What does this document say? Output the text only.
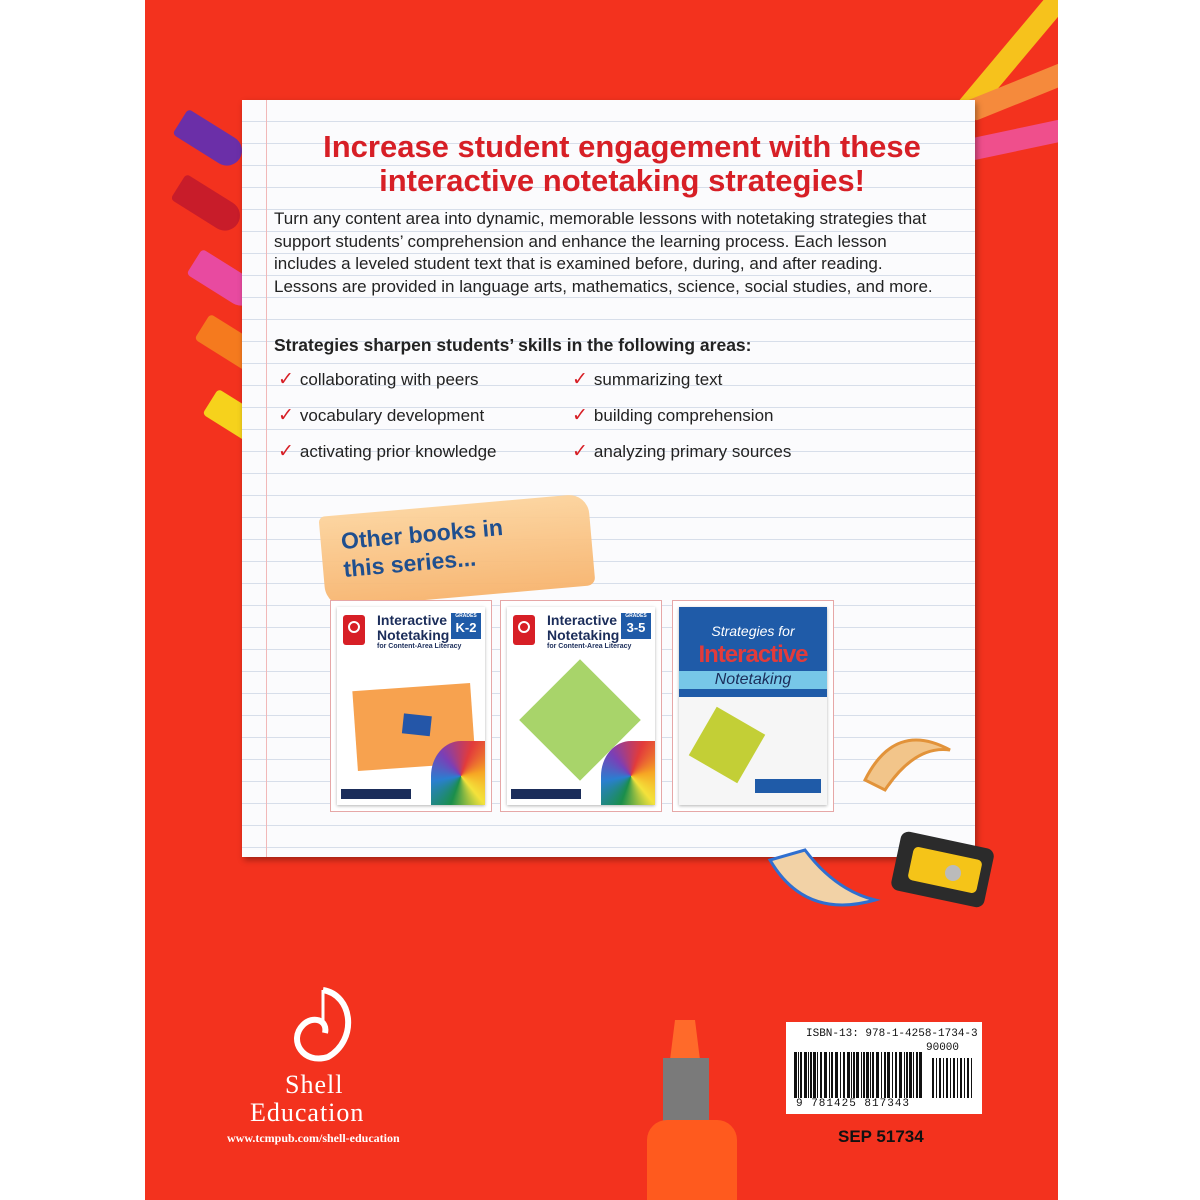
Increase student engagement with these
interactive notetaking strategies!
Turn any content area into dynamic, memorable lessons with notetaking strategies that support students’ comprehension and enhance the learning process. Each lesson includes a leveled student text that is examined before, during, and after reading. Lessons are provided in language arts, mathematics, science, social studies, and more.
Strategies sharpen students’ skills in the following areas:
✓ collaborating with peers	✓ summarizing text
✓ vocabulary development	✓ building comprehension
✓ activating prior knowledge	✓ analyzing primary sources
Other books in
this series...
Interactive
Notetaking
for Content-Area Literacy
GRADES
K-2	Interactive
Notetaking
for Content-Area Literacy
GRADES
3-5	Strategies for
Interactive
Notetaking
Shell
Education
www.tcmpub.com/shell-education
ISBN-13: 978-1-4258-1734-3
90000
9 781425 817343
SEP 51734
